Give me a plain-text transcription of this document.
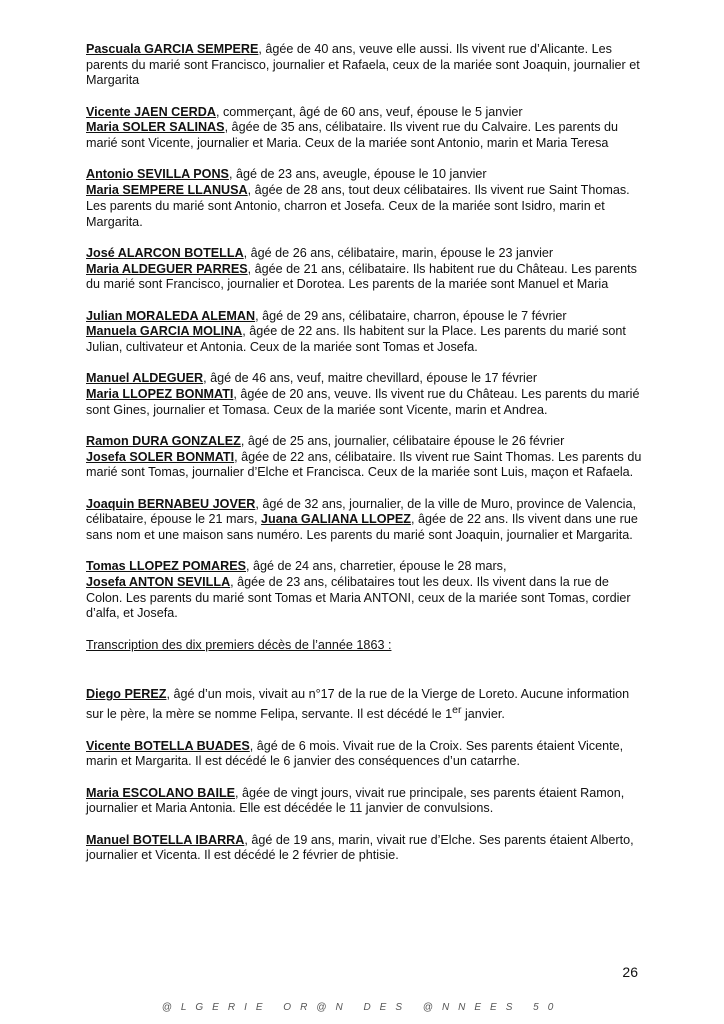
Pascuala GARCIA SEMPERE, âgée de 40 ans, veuve elle aussi. Ils vivent rue d’Alicante. Les parents du marié sont Francisco, journalier et Rafaela, ceux de la mariée sont Joaquin, journalier et Margarita

Vicente JAEN CERDA, commerçant, âgé de 60 ans, veuf, épouse le 5 janvier
Maria SOLER SALINAS, âgée de 35 ans, célibataire. Ils vivent rue du Calvaire. Les parents du marié sont Vicente, journalier et Maria. Ceux de la mariée sont Antonio, marin et Maria Teresa

Antonio SEVILLA PONS, âgé de 23 ans, aveugle, épouse le 10 janvier
Maria SEMPERE LLANUSA, âgée de 28 ans, tout deux célibataires. Ils vivent rue Saint Thomas. Les parents du marié sont Antonio, charron et Josefa. Ceux de la mariée sont Isidro, marin et Margarita.

José ALARCON BOTELLA, âgé de 26 ans, célibataire, marin, épouse le 23 janvier
Maria ALDEGUER PARRES, âgée de 21 ans, célibataire. Ils habitent rue du Château. Les parents du marié sont Francisco, journalier et Dorotea. Les parents de la mariée sont Manuel et Maria

Julian MORALEDA ALEMAN, âgé de 29 ans, célibataire, charron, épouse le 7 février
Manuela GARCIA MOLINA, âgée de 22 ans. Ils habitent sur la Place. Les parents du marié sont Julian, cultivateur et Antonia. Ceux de la mariée sont Tomas et Josefa.

Manuel ALDEGUER, âgé de 46 ans, veuf, maitre chevillard, épouse le 17 février
Maria LLOPEZ BONMATI, âgée de 20 ans, veuve. Ils vivent rue du Château. Les parents du marié sont Gines, journalier et Tomasa. Ceux de la mariée sont Vicente, marin et Andrea.

Ramon DURA GONZALEZ, âgé de 25 ans, journalier, célibataire épouse le 26 février
Josefa SOLER BONMATI, âgée de 22 ans, célibataire. Ils vivent rue Saint Thomas. Les parents du marié sont Tomas, journalier d’Elche et Francisca. Ceux de la mariée sont Luis, maçon et Rafaela.

Joaquin BERNABEU JOVER, âgé de 32 ans, journalier, de la ville de Muro, province de Valencia, célibataire, épouse le 21 mars, Juana GALIANA LLOPEZ, âgée de 22 ans. Ils vivent dans une rue sans nom et une maison sans numéro. Les parents du marié sont Joaquin, journalier et Margarita.

Tomas LLOPEZ POMARES, âgé de 24 ans, charretier, épouse le 28 mars,
Josefa ANTON SEVILLA, âgée de 23 ans, célibataires tout les deux. Ils vivent dans la rue de Colon. Les parents du marié sont Tomas et Maria ANTONI, ceux de la mariée sont Tomas, cordier d’alfa, et Josefa.

Transcription des dix premiers décès de l’année 1863 :

Diego PEREZ, âgé d’un mois, vivait au n°17 de la rue de la Vierge de Loreto. Aucune information sur le père, la mère se nomme Felipa, servante. Il est décédé le 1er janvier.

Vicente BOTELLA BUADES, âgé de 6 mois. Vivait rue de la Croix. Ses parents étaient Vicente, marin et Margarita. Il est décédé le 6 janvier des conséquences d’un catarrhe.

Maria ESCOLANO BAILE, âgée de vingt jours, vivait rue principale, ses parents étaient Ramon, journalier et Maria Antonia. Elle est décédée le 11 janvier de convulsions.

Manuel BOTELLA IBARRA, âgé de 19 ans, marin, vivait rue d’Elche. Ses parents étaient Alberto, journalier et Vicenta. Il est décédé le 2 février de phtisie.

26
@LGERIE OR@N DES @NNEES 50
